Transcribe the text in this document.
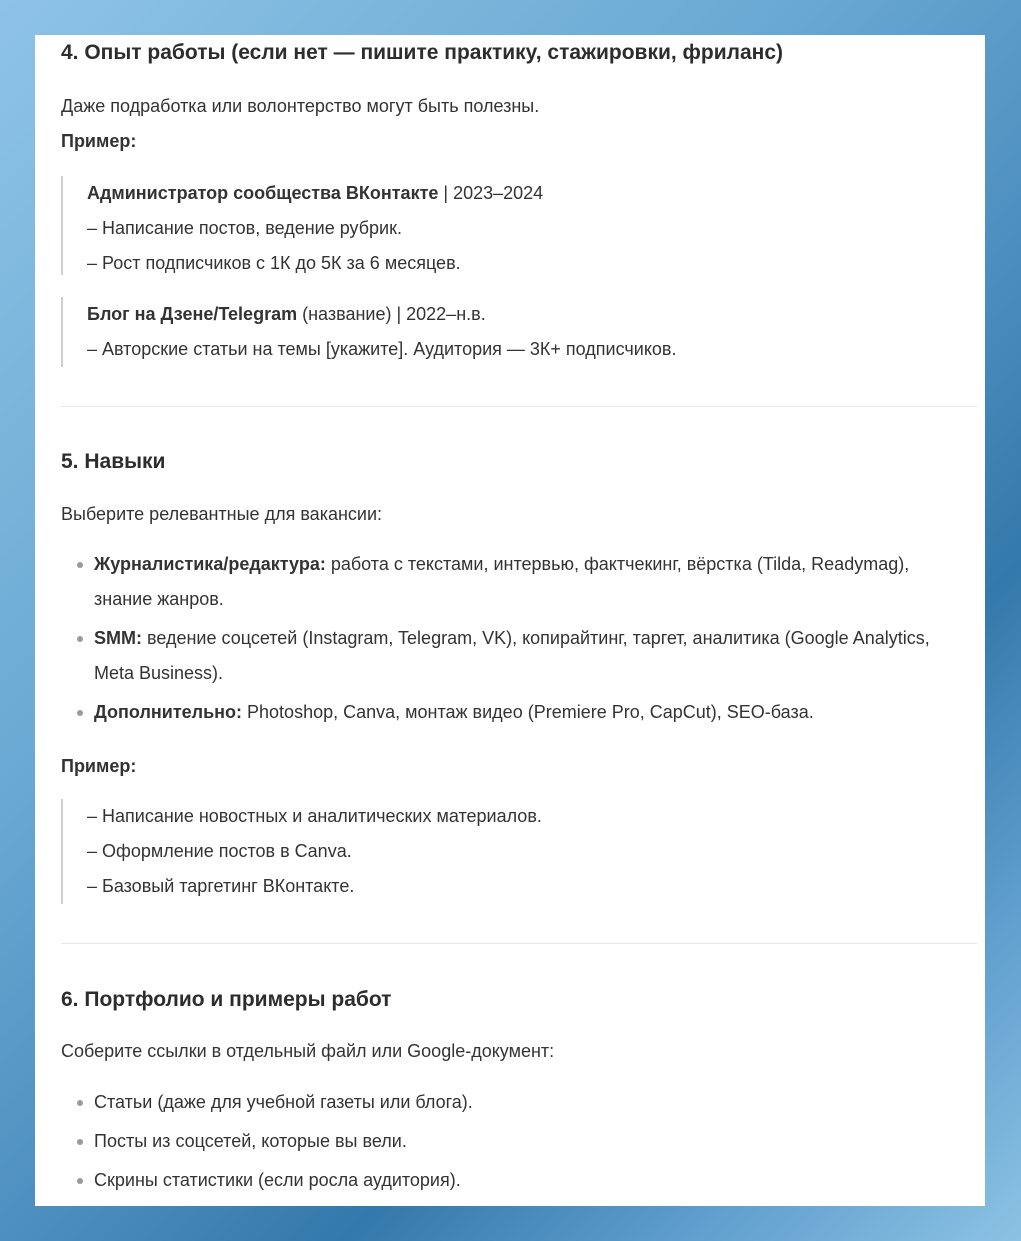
4. Опыт работы (если нет — пишите практику, стажировки, фриланс)

Даже подработка или волонтерство могут быть полезны.

Пример:

Администратор сообщества ВКонтакте | 2023–2024
– Написание постов, ведение рубрик.
– Рост подписчиков с 1К до 5К за 6 месяцев.
Блог на Дзене/Telegram (название) | 2022–н.в.
– Авторские статьи на темы [укажите]. Аудитория — 3К+ подписчиков.
5. Навыки

Выберите релевантные для вакансии:

Журналистика/редактура: работа с текстами, интервью, фактчекинг, вёрстка (Tilda, Readymag), знание жанров.
SMM: ведение соцсетей (Instagram, Telegram, VK), копирайтинг, таргет, аналитика (Google Analytics, Meta Business).
Дополнительно: Photoshop, Canva, монтаж видео (Premiere Pro, CapCut), SEO-база.

Пример:

– Написание новостных и аналитических материалов.
– Оформление постов в Canva.
– Базовый таргетинг ВКонтакте.
6. Портфолио и примеры работ

Соберите ссылки в отдельный файл или Google-документ:

Статьи (даже для учебной газеты или блога).
Посты из соцсетей, которые вы вели.
Скрины статистики (если росла аудитория).
